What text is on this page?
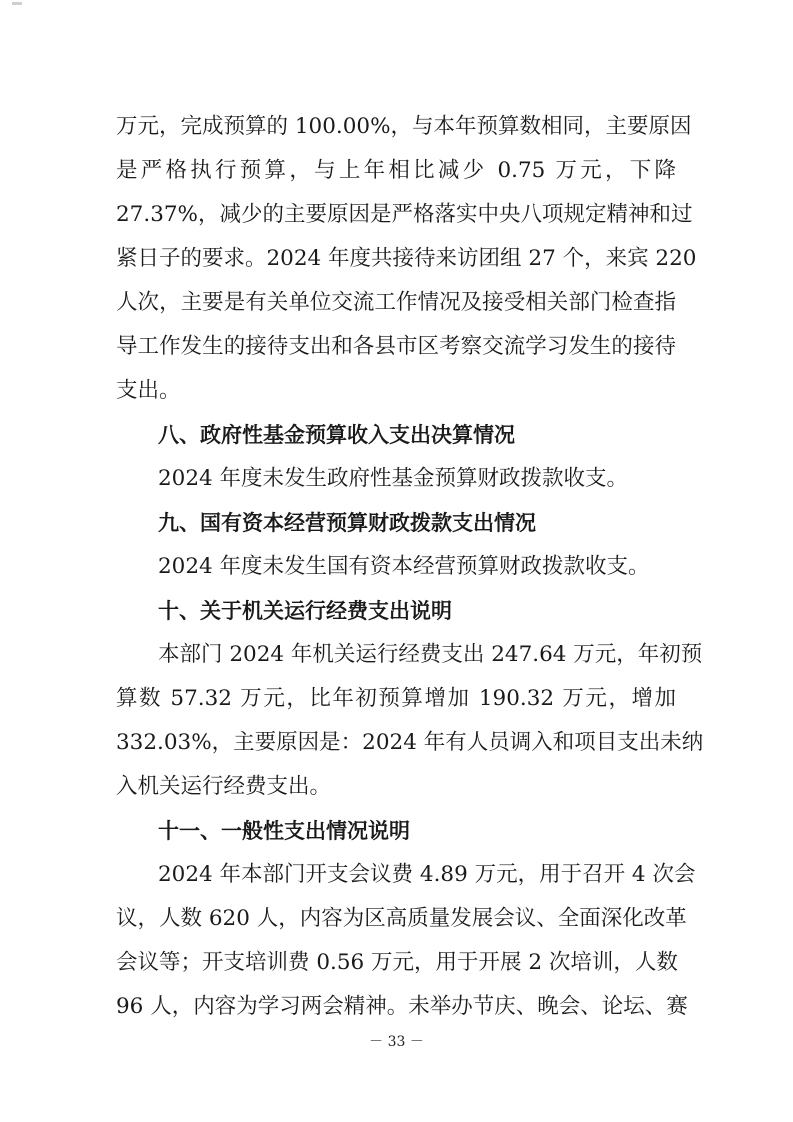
万元，完成预算的 100.00%，与本年预算数相同，主要原因
是严格执行预算，与上年相比减少 0.75 万元，下降
27.37%，减少的主要原因是严格落实中央八项规定精神和过
紧日子的要求。2024 年度共接待来访团组 27 个，来宾 220
人次，主要是有关单位交流工作情况及接受相关部门检查指
导工作发生的接待支出和各县市区考察交流学习发生的接待
支出。
八、政府性基金预算收入支出决算情况
2024 年度未发生政府性基金预算财政拨款收支。
九、国有资本经营预算财政拨款支出情况
2024 年度未发生国有资本经营预算财政拨款收支。
十、关于机关运行经费支出说明
本部门 2024 年机关运行经费支出 247.64 万元，年初预
算数 57.32 万元，比年初预算增加 190.32 万元，增加
332.03%，主要原因是：2024 年有人员调入和项目支出未纳
入机关运行经费支出。
十一、一般性支出情况说明
2024 年本部门开支会议费 4.89 万元，用于召开 4 次会
议，人数 620 人，内容为区高质量发展会议、全面深化改革
会议等；开支培训费 0.56 万元，用于开展 2 次培训，人数
96 人，内容为学习两会精神。未举办节庆、晚会、论坛、赛
－ 33 －
